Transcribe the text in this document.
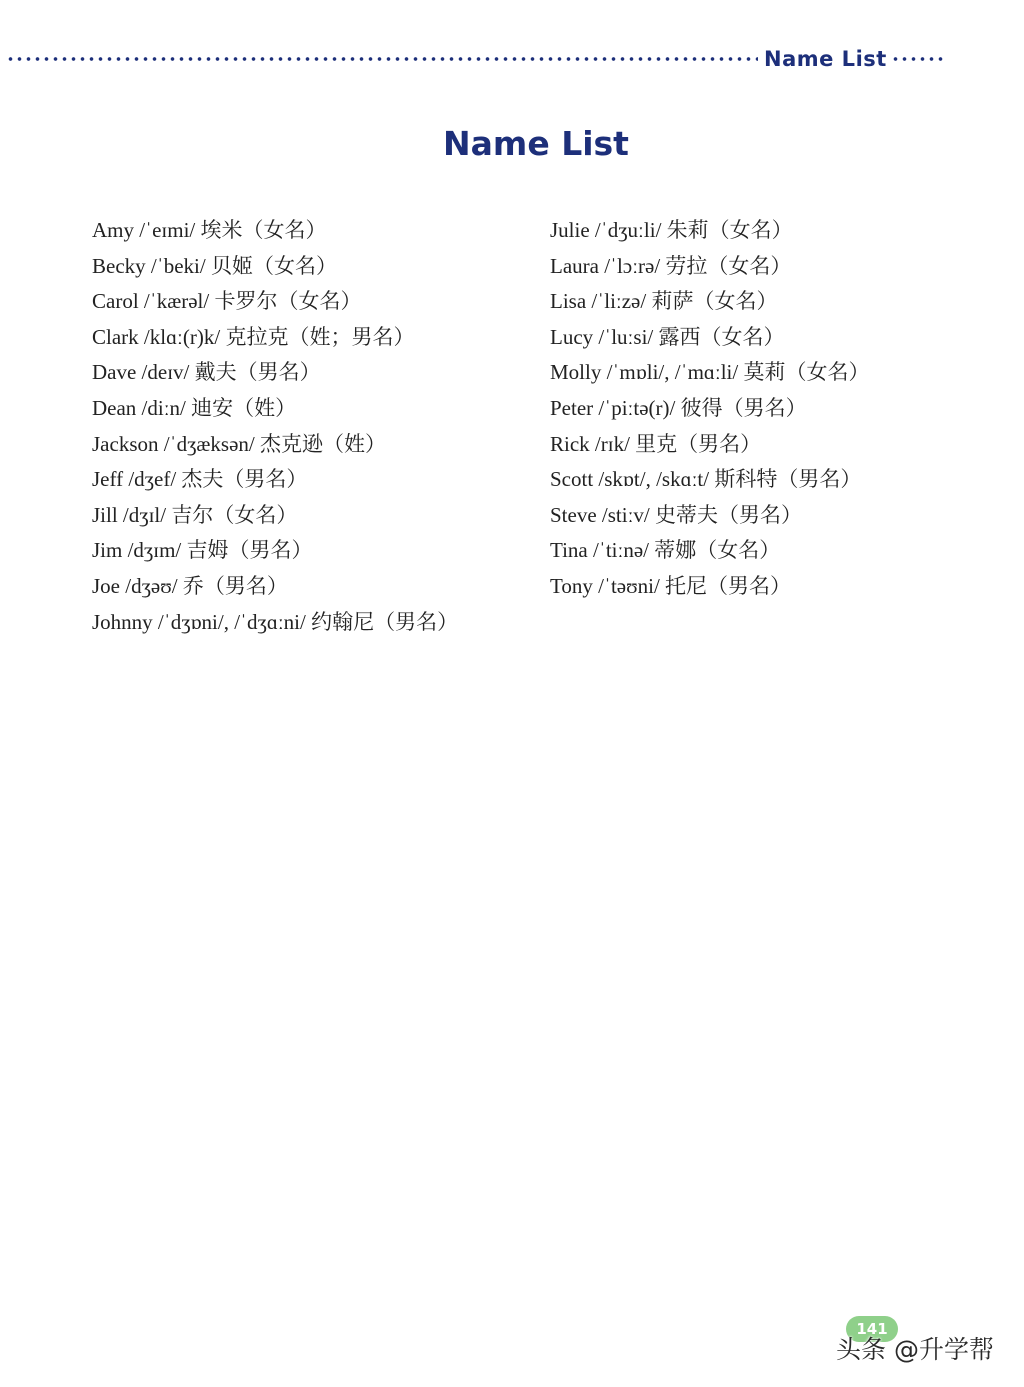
Name List
Name List
Amy /ˈeɪmi/ 埃米（女名）
Becky /ˈbeki/ 贝姬（女名）
Carol /ˈkærəl/ 卡罗尔（女名）
Clark /klɑː(r)k/ 克拉克（姓；男名）
Dave /deɪv/ 戴夫（男名）
Dean /diːn/ 迪安（姓）
Jackson /ˈdʒæksən/ 杰克逊（姓）
Jeff /dʒef/ 杰夫（男名）
Jill /dʒɪl/ 吉尔（女名）
Jim /dʒɪm/ 吉姆（男名）
Joe /dʒəʊ/ 乔（男名）
Johnny /ˈdʒɒni/, /ˈdʒɑːni/ 约翰尼（男名）
Julie /ˈdʒuːli/ 朱莉（女名）
Laura /ˈlɔːrə/ 劳拉（女名）
Lisa /ˈliːzə/ 莉萨（女名）
Lucy /ˈluːsi/ 露西（女名）
Molly /ˈmɒli/, /ˈmɑːli/ 莫莉（女名）
Peter /ˈpiːtə(r)/ 彼得（男名）
Rick /rɪk/ 里克（男名）
Scott /skɒt/, /skɑːt/ 斯科特（男名）
Steve /stiːv/ 史蒂夫（男名）
Tina /ˈtiːnə/ 蒂娜（女名）
Tony /ˈtəʊni/ 托尼（男名）
141
头条 @升学帮
